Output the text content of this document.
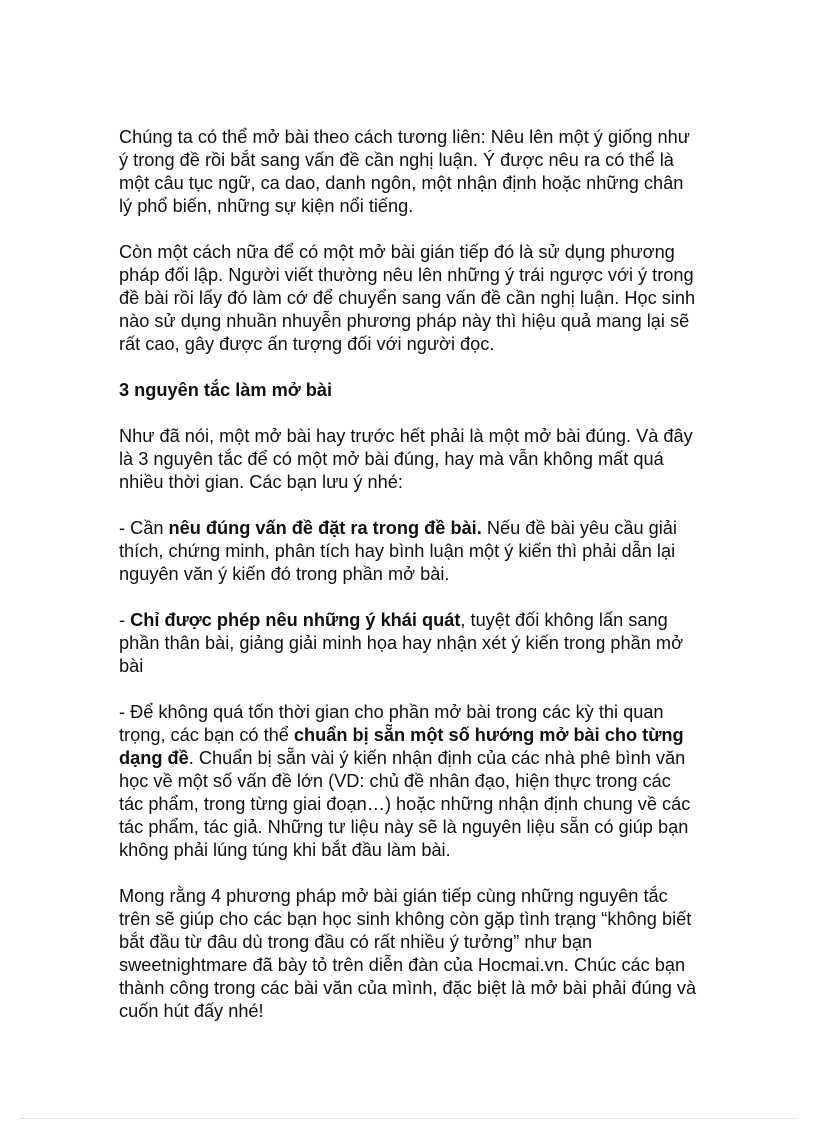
Chúng ta có thể mở bài theo cách tương liên: Nêu lên một ý giống như ý trong đề rồi bắt sang vấn đề cần nghị luận. Ý được nêu ra có thể là một câu tục ngữ, ca dao, danh ngôn, một nhận định hoặc những chân lý phổ biến, những sự kiện nổi tiếng.

Còn một cách nữa để có một mở bài gián tiếp đó là sử dụng phương pháp đối lập. Người viết thường nêu lên những ý trái ngược với ý trong đề bài rồi lấy đó làm cớ để chuyển sang vấn đề cần nghị luận. Học sinh nào sử dụng nhuần nhuyễn phương pháp này thì hiệu quả mang lại sẽ rất cao, gây được ấn tượng đối với người đọc.

3 nguyên tắc làm mở bài

Như đã nói, một mở bài hay trước hết phải là một mở bài đúng. Và đây là 3 nguyên tắc để có một mở bài đúng, hay mà vẫn không mất quá nhiều thời gian. Các bạn lưu ý nhé:

- Cần nêu đúng vấn đề đặt ra trong đề bài. Nếu đề bài yêu cầu giải thích, chứng minh, phân tích hay bình luận một ý kiến thì phải dẫn lại nguyên văn ý kiến đó trong phần mở bài.

- Chỉ được phép nêu những ý khái quát, tuyệt đối không lấn sang phần thân bài, giảng giải minh họa hay nhận xét ý kiến trong phần mở bài

- Để không quá tốn thời gian cho phần mở bài trong các kỳ thi quan trọng, các bạn có thể chuẩn bị sẵn một số hướng mở bài cho từng dạng đề. Chuẩn bị sẵn vài ý kiến nhận định của các nhà phê bình văn học về một số vấn đề lớn (VD: chủ đề nhân đạo, hiện thực trong các tác phẩm, trong từng giai đoạn…) hoặc những nhận định chung về các tác phẩm, tác giả. Những tư liệu này sẽ là nguyên liệu sẵn có giúp bạn không phải lúng túng khi bắt đầu làm bài.

Mong rằng 4 phương pháp mở bài gián tiếp cùng những nguyên tắc trên sẽ giúp cho các bạn học sinh không còn gặp tình trạng “không biết bắt đầu từ đâu dù trong đầu có rất nhiều ý tưởng” như bạn sweetnightmare đã bày tỏ trên diễn đàn của Hocmai.vn. Chúc các bạn thành công trong các bài văn của mình, đặc biệt là mở bài phải đúng và cuốn hút đấy nhé!
